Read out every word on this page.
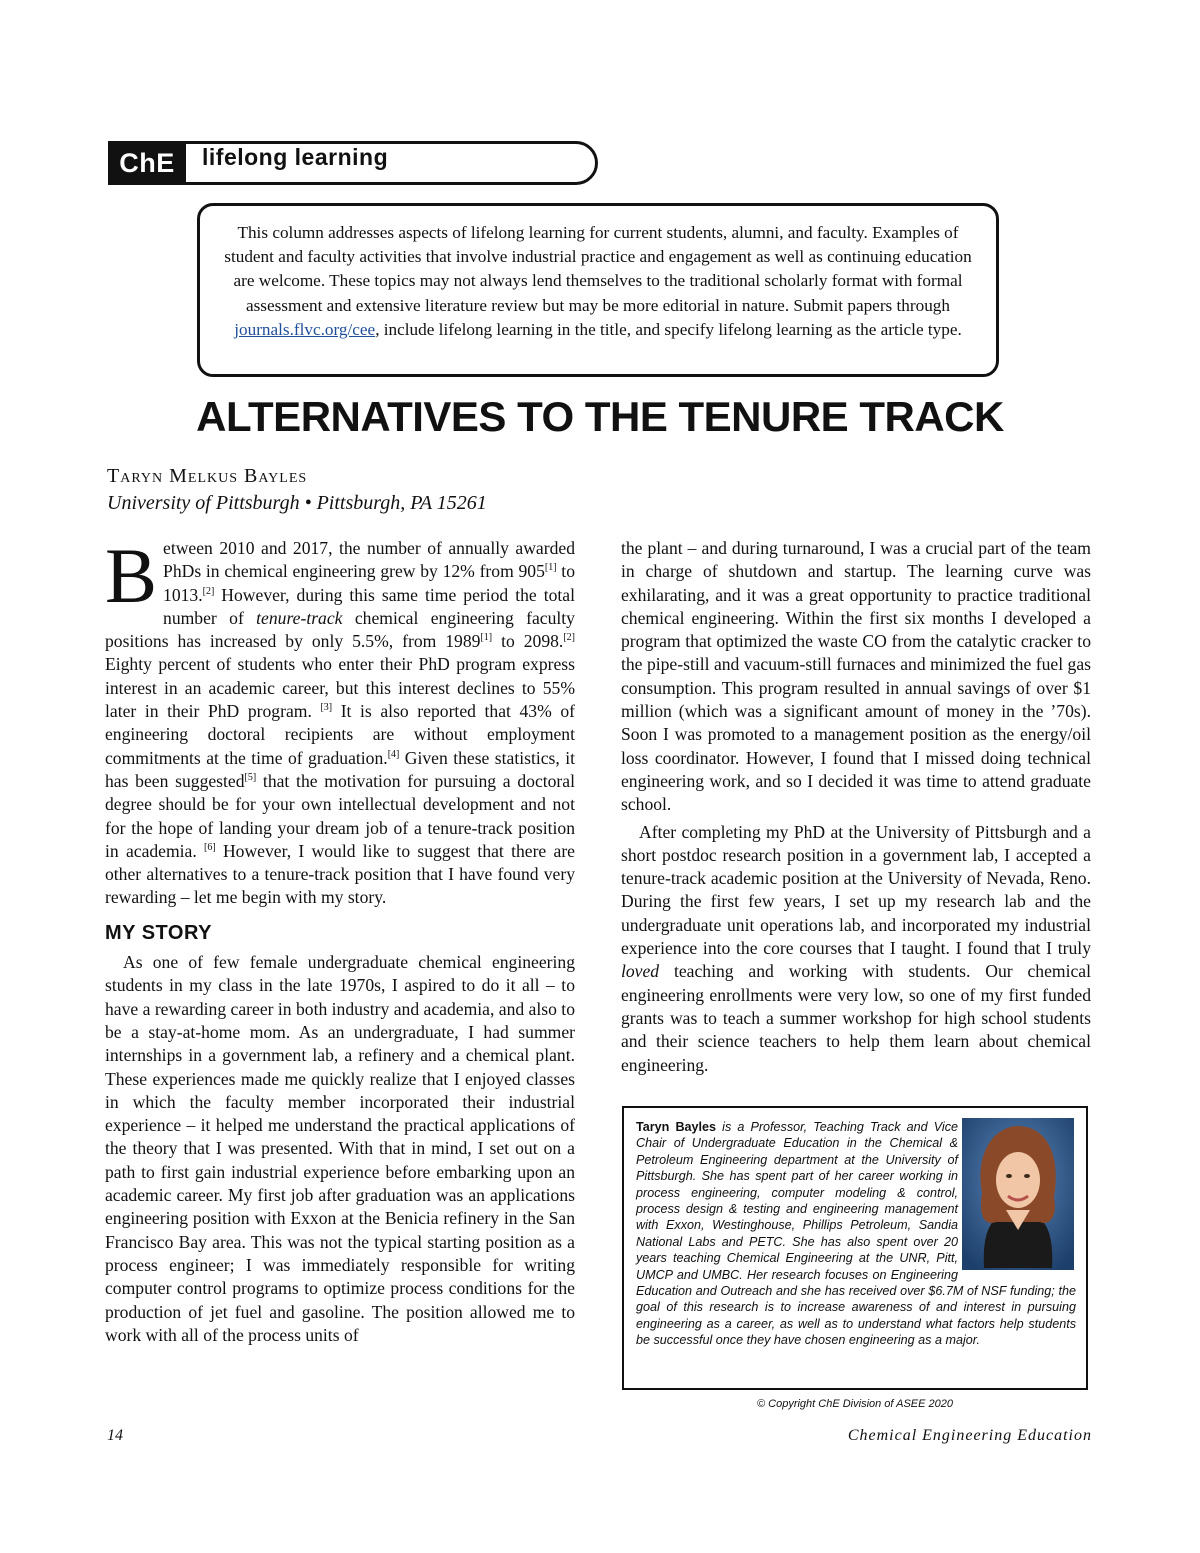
ChE	lifelong learning
This column addresses aspects of lifelong learning for current students, alumni, and faculty. Examples of student and faculty activities that involve industrial practice and engagement as well as continuing education are welcome. These topics may not always lend themselves to the traditional scholarly format with formal assessment and extensive literature review but may be more editorial in nature. Submit papers through journals.flvc.org/cee, include lifelong learning in the title, and specify lifelong learning as the article type.
ALTERNATIVES TO THE TENURE TRACK
Taryn Melkus Bayles
University of Pittsburgh • Pittsburgh, PA 15261

Between 2010 and 2017, the number of annually awarded PhDs in chemical engineering grew by 12% from 905[1] to 1013.[2] However, during this same time period the total number of tenure-track chemical engineering faculty positions has increased by only 5.5%, from 1989[1] to 2098.[2] Eighty percent of students who enter their PhD program express interest in an academic career, but this interest declines to 55% later in their PhD program. [3] It is also reported that 43% of engineering doctoral recipients are without employment commitments at the time of graduation.[4] Given these statistics, it has been suggested[5] that the motivation for pursuing a doctoral degree should be for your own intellectual development and not for the hope of landing your dream job of a tenure-track position in academia. [6] However, I would like to suggest that there are other alternatives to a tenure-track position that I have found very rewarding – let me begin with my story.

MY STORY

As one of few female undergraduate chemical engineering students in my class in the late 1970s, I aspired to do it all – to have a rewarding career in both industry and academia, and also to be a stay-at-home mom. As an undergraduate, I had summer internships in a government lab, a refinery and a chemical plant. These experiences made me quickly realize that I enjoyed classes in which the faculty member incorporated their industrial experience – it helped me understand the practical applications of the theory that I was presented. With that in mind, I set out on a path to first gain industrial experience before embarking upon an academic career. My first job after graduation was an applications engineering position with Exxon at the Benicia refinery in the San Francisco Bay area. This was not the typical starting position as a process engineer; I was immediately responsible for writing computer control programs to optimize process conditions for the production of jet fuel and gasoline. The position allowed me to work with all of the process units of

the plant – and during turnaround, I was a crucial part of the team in charge of shutdown and startup. The learning curve was exhilarating, and it was a great opportunity to practice traditional chemical engineering. Within the first six months I developed a program that optimized the waste CO from the catalytic cracker to the pipe-still and vacuum-still furnaces and minimized the fuel gas consumption. This program resulted in annual savings of over $1 million (which was a significant amount of money in the ’70s). Soon I was promoted to a management position as the energy/oil loss coordinator. However, I found that I missed doing technical engineering work, and so I decided it was time to attend graduate school.

After completing my PhD at the University of Pittsburgh and a short postdoc research position in a government lab, I accepted a tenure-track academic position at the University of Nevada, Reno. During the first few years, I set up my research lab and the undergraduate unit operations lab, and incorporated my industrial experience into the core courses that I taught. I found that I truly loved teaching and working with students. Our chemical engineering enrollments were very low, so one of my first funded grants was to teach a summer workshop for high school students and their science teachers to help them learn about chemical engineering.

Taryn Bayles is a Professor, Teaching Track and Vice Chair of Undergraduate Education in the Chemical & Petroleum Engineering department at the University of Pittsburgh. She has spent part of her career working in process engineering, computer modeling & control, process design & testing and engineering management with Exxon, Westinghouse, Phillips Petroleum, Sandia National Labs and PETC. She has also spent over 20 years teaching Chemical Engineering at the UNR, Pitt, UMCP and UMBC. Her research focuses on Engineering Education and Outreach and she has received over $6.7M of NSF funding; the goal of this research is to increase awareness of and interest in pursuing engineering as a career, as well as to understand what factors help students be successful once they have chosen engineering as a major.
© Copyright ChE Division of ASEE 2020
14	Chemical Engineering Education
